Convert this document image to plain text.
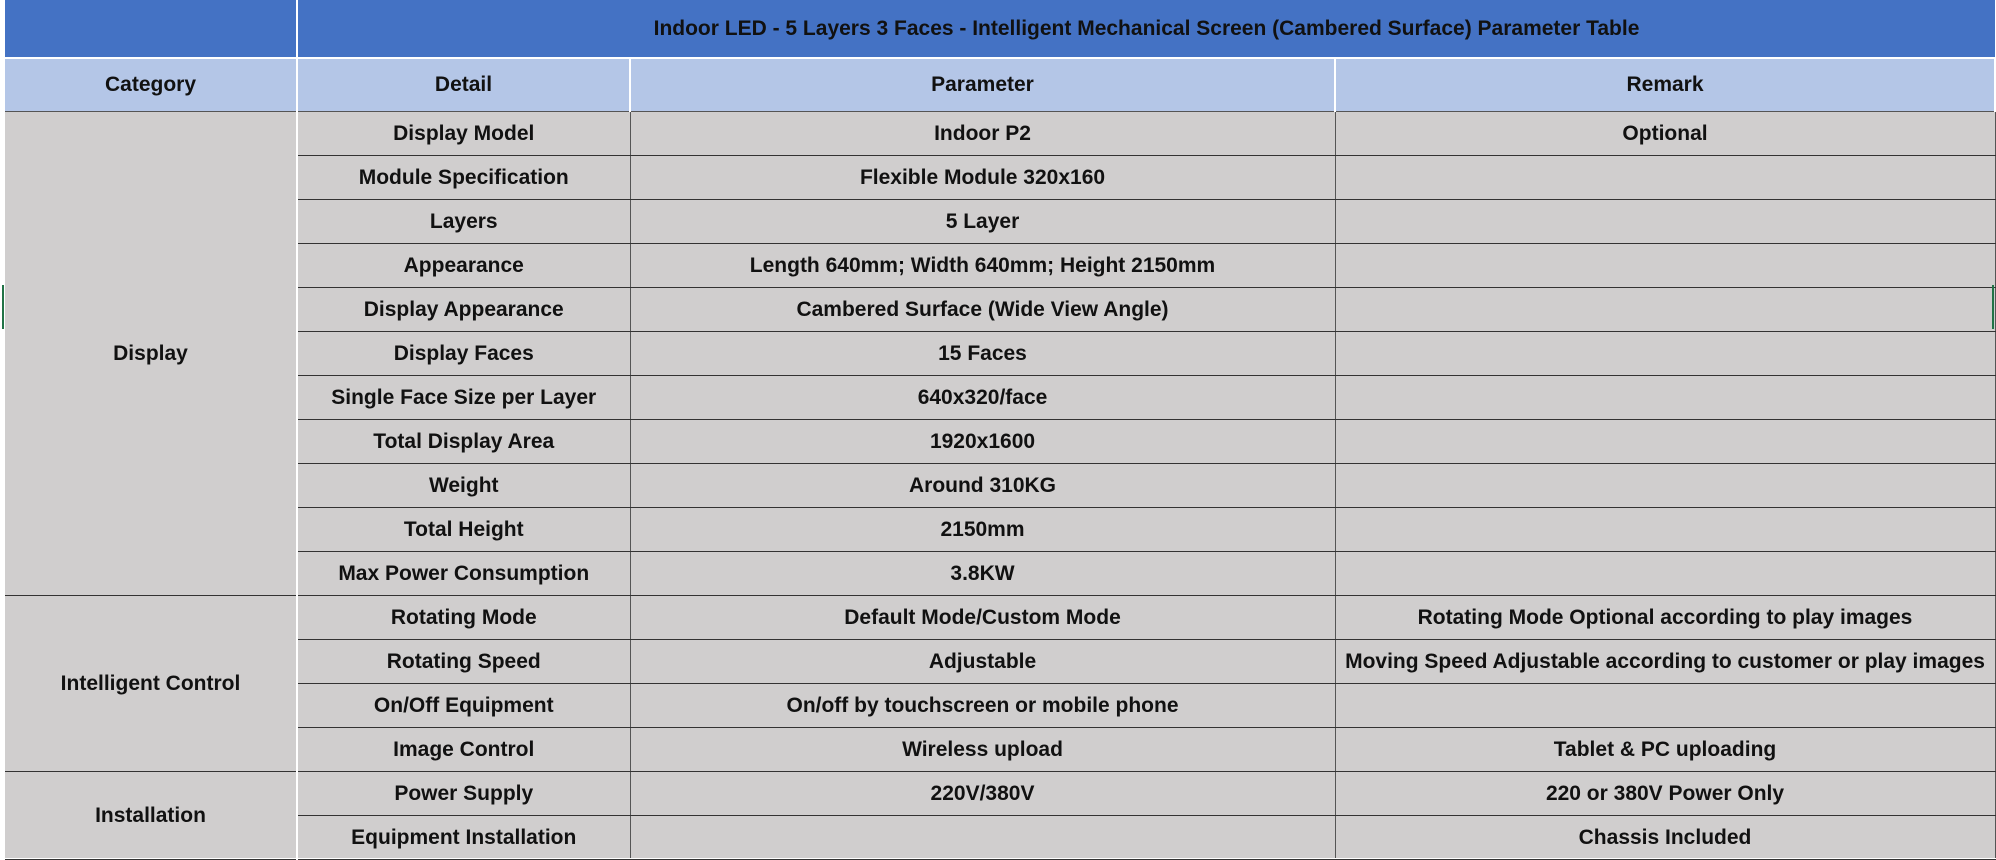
	Indoor LED - 5 Layers 3 Faces - Intelligent Mechanical Screen (Cambered Surface) Parameter Table		
Category	Detail	Parameter	Remark
Display	Display Model	Indoor P2	Optional
	Module Specification	Flexible Module 320x160	
	Layers	5 Layer	
	Appearance	Length 640mm; Width 640mm; Height 2150mm	
	Display Appearance	Cambered Surface (Wide View Angle)	
	Display Faces	15 Faces	
	Single Face Size per Layer	640x320/face	
	Total Display Area	1920x1600	
	Weight	Around 310KG	
	Total Height	2150mm	
	Max Power Consumption	3.8KW	
Intelligent Control	Rotating Mode	Default Mode/Custom Mode	Rotating Mode Optional according to play images
	Rotating Speed	Adjustable	Moving Speed Adjustable according to customer or play images
	On/Off Equipment	On/off by touchscreen or mobile phone	
	Image Control	Wireless upload	Tablet & PC uploading
Installation	Power Supply	220V/380V	220 or 380V Power Only
	Equipment Installation		Chassis Included
